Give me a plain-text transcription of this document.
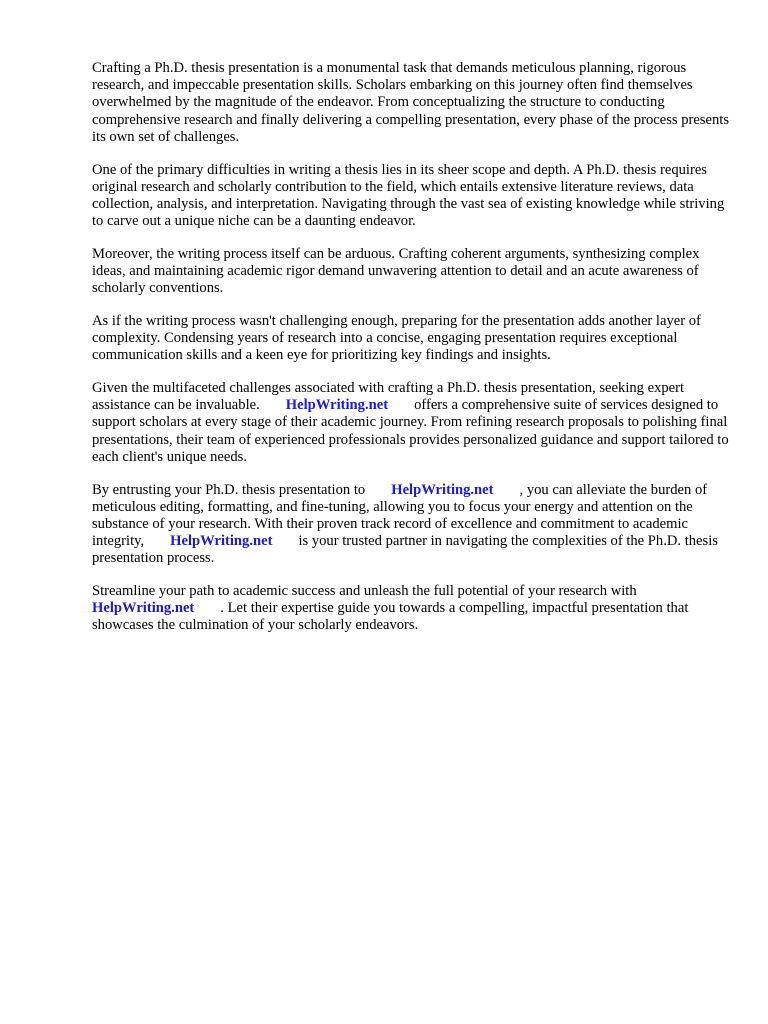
Crafting a Ph.D. thesis presentation is a monumental task that demands meticulous planning, rigorous research, and impeccable presentation skills. Scholars embarking on this journey often find themselves overwhelmed by the magnitude of the endeavor. From conceptualizing the structure to conducting comprehensive research and finally delivering a compelling presentation, every phase of the process presents its own set of challenges.

One of the primary difficulties in writing a thesis lies in its sheer scope and depth. A Ph.D. thesis requires original research and scholarly contribution to the field, which entails extensive literature reviews, data collection, analysis, and interpretation. Navigating through the vast sea of existing knowledge while striving to carve out a unique niche can be a daunting endeavor.

Moreover, the writing process itself can be arduous. Crafting coherent arguments, synthesizing complex ideas, and maintaining academic rigor demand unwavering attention to detail and an acute awareness of scholarly conventions.

As if the writing process wasn't challenging enough, preparing for the presentation adds another layer of complexity. Condensing years of research into a concise, engaging presentation requires exceptional communication skills and a keen eye for prioritizing key findings and insights.

Given the multifaceted challenges associated with crafting a Ph.D. thesis presentation, seeking expert assistance can be invaluable. HelpWriting.net offers a comprehensive suite of services designed to support scholars at every stage of their academic journey. From refining research proposals to polishing final presentations, their team of experienced professionals provides personalized guidance and support tailored to each client's unique needs.

By entrusting your Ph.D. thesis presentation to HelpWriting.net , you can alleviate the burden of meticulous editing, formatting, and fine-tuning, allowing you to focus your energy and attention on the substance of your research. With their proven track record of excellence and commitment to academic integrity, HelpWriting.net is your trusted partner in navigating the complexities of the Ph.D. thesis presentation process.

Streamline your path to academic success and unleash the full potential of your research with HelpWriting.net . Let their expertise guide you towards a compelling, impactful presentation that showcases the culmination of your scholarly endeavors.
